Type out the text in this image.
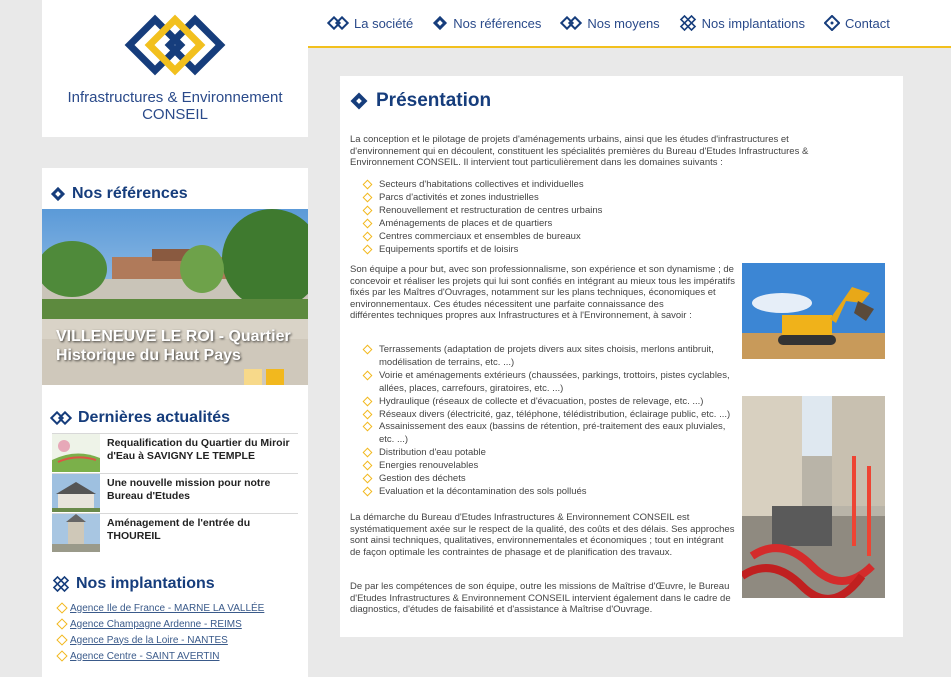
Infrastructures & Environnement
CONSEIL
La société	Nos références	Nos moyens	Nos implantations	Contact
Nos références
VILLENEUVE LE ROI - Quartier Historique du Haut Pays
Dernières actualités
Requalification du Quartier du Miroir d'Eau à SAVIGNY LE TEMPLE
Une nouvelle mission pour notre Bureau d'Etudes
Aménagement de l'entrée du THOUREIL
Nos implantations
Agence Ile de France - MARNE LA VALLÉE
Agence Champagne Ardenne - REIMS
Agence Pays de la Loire - NANTES
Agence Centre - SAINT AVERTIN
Présentation
La conception et le pilotage de projets d'aménagements urbains, ainsi que les études d'infrastructures et d'environnement qui en découlent, constituent les spécialités premières du Bureau d'Etudes Infrastructures & Environnement CONSEIL. Il intervient tout particulièrement dans les domaines suivants :
Secteurs d'habitations collectives et individuelles
Parcs d'activités et zones industrielles
Renouvellement et restructuration de centres urbains
Aménagements de places et de quartiers
Centres commerciaux et ensembles de bureaux
Equipements sportifs et de loisirs
Son équipe a pour but, avec son professionnalisme, son expérience et son dynamisme ; de concevoir et réaliser les projets qui lui sont confiés en intégrant au mieux tous les impératifs fixés par les Maîtres d'Ouvrages, notamment sur les plans techniques, économiques et environnementaux. Ces études nécessitent une parfaite connaissance des
différentes techniques propres aux Infrastructures et à l'Environnement, à savoir :
Terrassements (adaptation de projets divers aux sites choisis, merlons antibruit, modélisation de terrains, etc. ...)
Voirie et aménagements extérieurs (chaussées, parkings, trottoirs, pistes cyclables, allées, places, carrefours, giratoires, etc. ...)
Hydraulique (réseaux de collecte et d'évacuation, postes de relevage, etc. ...)
Réseaux divers (électricité, gaz, téléphone, télédistribution, éclairage public, etc. ...)
Assainissement des eaux (bassins de rétention, pré-traitement des eaux pluviales, etc. ...)
Distribution d'eau potable
Energies renouvelables
Gestion des déchets
Evaluation et la décontamination des sols pollués
La démarche du Bureau d'Etudes Infrastructures & Environnement CONSEIL est systématiquement axée sur le respect de la qualité, des coûts et des délais. Ses approches sont ainsi techniques, qualitatives, environnementales et économiques ; tout en intégrant de façon optimale les contraintes de phasage et de planification des travaux.
De par les compétences de son équipe, outre les missions de Maîtrise d'Œuvre, le Bureau d'Etudes Infrastructures & Environnement CONSEIL intervient également dans le cadre de diagnostics, d'études de faisabilité et d'assistance à Maîtrise d'Ouvrage.
